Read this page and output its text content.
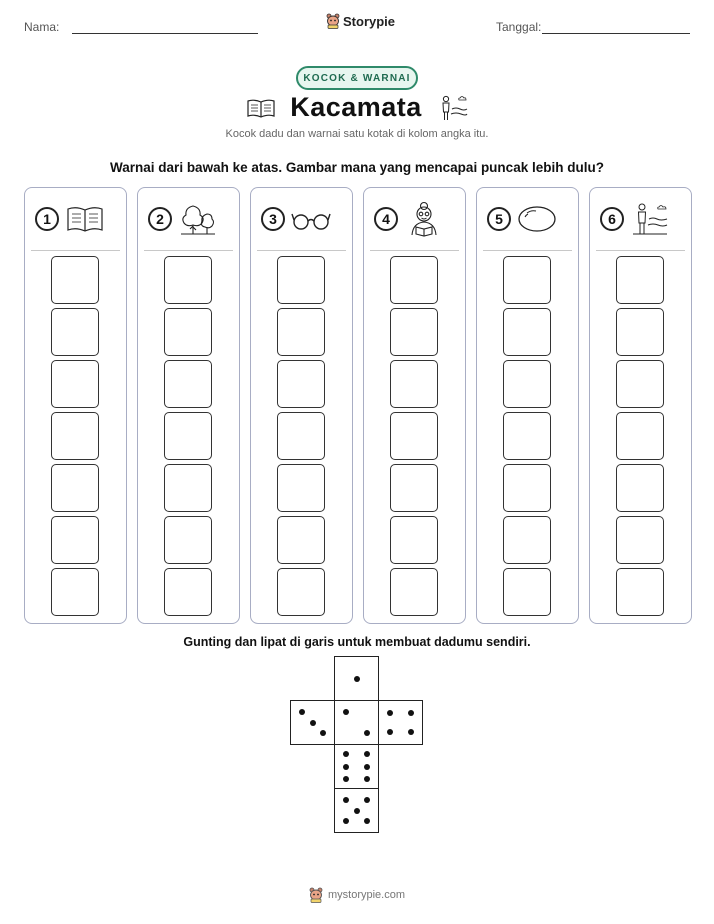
Nama:	Storypie	Tanggal:
KOCOK & WARNAI
Kacamata
Kocok dadu dan warnai satu kotak di kolom angka itu.
Warnai dari bawah ke atas. Gambar mana yang mencapai puncak lebih dulu?
1	2	3	4	5	6
Gunting dan lipat di garis untuk membuat dadumu sendiri.
mystorypie.com
